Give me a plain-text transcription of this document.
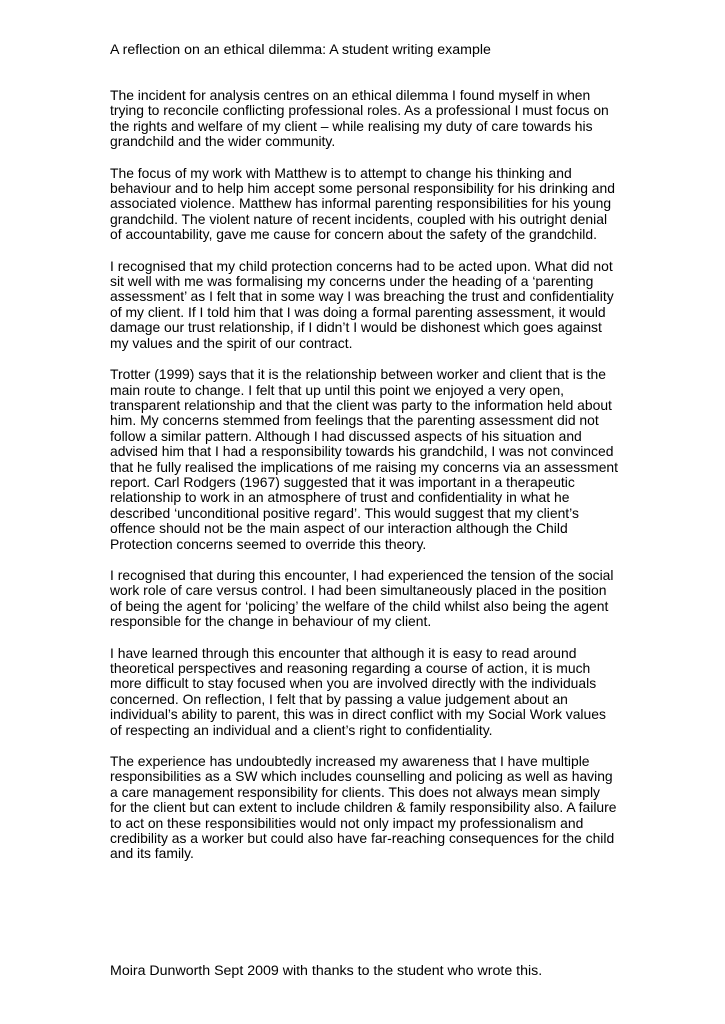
A reflection on an ethical dilemma: A student writing example

The incident for analysis centres on an ethical dilemma I found myself in when trying to reconcile conflicting professional roles. As a professional I must focus on the rights and welfare of my client – while realising my duty of care towards his grandchild and the wider community.

The focus of my work with Matthew is to attempt to change his thinking and behaviour and to help him accept some personal responsibility for his drinking and associated violence. Matthew has informal parenting responsibilities for his young grandchild. The violent nature of recent incidents, coupled with his outright denial of accountability, gave me cause for concern about the safety of the grandchild.

I recognised that my child protection concerns had to be acted upon. What did not sit well with me was formalising my concerns under the heading of a ‘parenting assessment’ as I felt that in some way I was breaching the trust and confidentiality of my client. If I told him that I was doing a formal parenting assessment, it would damage our trust relationship, if I didn’t I would be dishonest which goes against my values and the spirit of our contract.

Trotter (1999) says that it is the relationship between worker and client that is the main route to change. I felt that up until this point we enjoyed a very open, transparent relationship and that the client was party to the information held about him. My concerns stemmed from feelings that the parenting assessment did not follow a similar pattern. Although I had discussed aspects of his situation and advised him that I had a responsibility towards his grandchild, I was not convinced that he fully realised the implications of me raising my concerns via an assessment report. Carl Rodgers (1967) suggested that it was important in a therapeutic relationship to work in an atmosphere of trust and confidentiality in what he described ‘unconditional positive regard’. This would suggest that my client’s offence should not be the main aspect of our interaction although the Child Protection concerns seemed to override this theory.

I recognised that during this encounter, I had experienced the tension of the social work role of care versus control. I had been simultaneously placed in the position of being the agent for ‘policing’ the welfare of the child whilst also being the agent responsible for the change in behaviour of my client.

I have learned through this encounter that although it is easy to read around theoretical perspectives and reasoning regarding a course of action, it is much more difficult to stay focused when you are involved directly with the individuals concerned. On reflection, I felt that by passing a value judgement about an individual’s ability to parent, this was in direct conflict with my Social Work values of respecting an individual and a client’s right to confidentiality.

The experience has undoubtedly increased my awareness that I have multiple responsibilities as a SW which includes counselling and policing as well as having a care management responsibility for clients. This does not always mean simply for the client but can extent to include children & family responsibility also. A failure to act on these responsibilities would not only impact my professionalism and credibility as a worker but could also have far-reaching consequences for the child and its family.

Moira Dunworth Sept 2009 with thanks to the student who wrote this.
